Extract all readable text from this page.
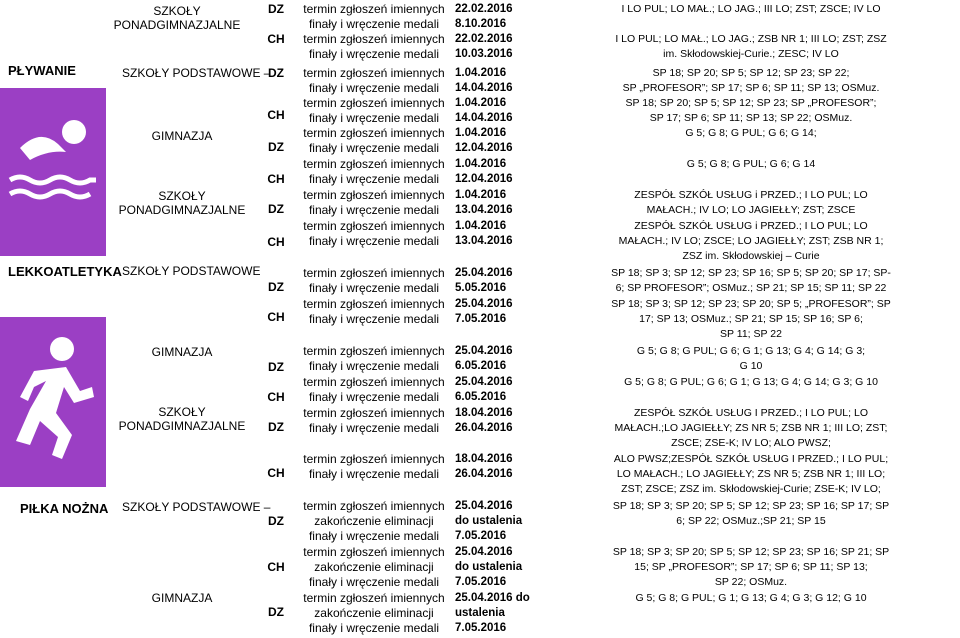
PŁYWANIE
LEKKOATLETYKA
PIŁKA NOŻNA
SZKOŁY
PONADGIMNAZJALNE
SZKOŁY PODSTAWOWE –
GIMNAZJA
SZKOŁY
PONADGIMNAZJALNE
SZKOŁY PODSTAWOWE
GIMNAZJA
SZKOŁY
PONADGIMNAZJALNE
SZKOŁY PODSTAWOWE –
GIMNAZJA
DZ termin zgłoszeń imiennych
finały i wręczenie medali
22.02.2016
8.10.2016
I LO PUL; LO MAŁ.; LO JAG.; III LO; ZST; ZSCE; IV LO
CH termin zgłoszeń imiennych
finały i wręczenie medali
22.02.2016
10.03.2016
I LO PUL; LO MAŁ.; LO JAG.; ZSB NR 1; III LO; ZST; ZSZ
im. Skłodowskiej-Curie.; ZESC; IV LO
DZ termin zgłoszeń imiennych
finały i wręczenie medali
1.04.2016
14.04.2016
SP 18; SP 20; SP 5; SP 12; SP 23; SP 22;
SP „PROFESOR”; SP 17; SP 6; SP 11; SP 13; OSMuz.
CH
termin zgłoszeń imiennych
finały i wręczenie medali
1.04.2016
14.04.2016
SP 18; SP 20; SP 5; SP 12; SP 23; SP „PROFESOR”;
SP 17; SP 6; SP 11; SP 13; SP 22; OSMuz.
DZ
termin zgłoszeń imiennych
finały i wręczenie medali
1.04.2016
12.04.2016
G 5; G 8; G PUL; G 6; G 14;
CH
termin zgłoszeń imiennych
finały i wręczenie medali
1.04.2016
12.04.2016
G 5; G 8; G PUL; G 6; G 14
DZ
termin zgłoszeń imiennych
finały i wręczenie medali
1.04.2016
13.04.2016
ZESPÓŁ SZKÓŁ USŁUG i PRZED.; I LO PUL; LO
MAŁACH.; IV LO; LO JAGIEŁŁY; ZST; ZSCE
CH
termin zgłoszeń imiennych
finały i wręczenie medali
1.04.2016
13.04.2016
ZESPÓŁ SZKÓŁ USŁUG i PRZED.; I LO PUL; LO
MAŁACH.; IV LO; ZSCE; LO JAGIEŁŁY; ZST; ZSB NR 1;
ZSZ im. Skłodowskiej – Curie
DZ
termin zgłoszeń imiennych
finały i wręczenie medali
25.04.2016
5.05.2016
SP 18; SP 3; SP 12; SP 23; SP 16; SP 5; SP 20; SP 17; SP-
6; SP PROFESOR”; OSMuz.; SP 21; SP 15; SP 11; SP 22
CH
termin zgłoszeń imiennych
finały i wręczenie medali
25.04.2016
7.05.2016
SP 18; SP 3; SP 12; SP 23; SP 20; SP 5; „PROFESOR”; SP
17; SP 13; OSMuz.; SP 21; SP 15; SP 16; SP 6;
SP 11; SP 22
DZ
termin zgłoszeń imiennych
finały i wręczenie medali
25.04.2016
6.05.2016
G 5; G 8; G PUL; G 6; G 1; G 13; G 4; G 14; G 3;
G 10
CH
termin zgłoszeń imiennych
finały i wręczenie medali
25.04.2016
6.05.2016
G 5; G 8; G PUL; G 6; G 1; G 13; G 4; G 14; G 3; G 10
DZ
termin zgłoszeń imiennych
finały i wręczenie medali
18.04.2016
26.04.2016
ZESPÓŁ SZKÓŁ USŁUG I PRZED.; I LO PUL; LO
MAŁACH.;LO JAGIEŁŁY; ZS NR 5; ZSB NR 1; III LO; ZST;
ZSCE; ZSE-K; IV LO; ALO PWSZ;
CH
termin zgłoszeń imiennych
finały i wręczenie medali
18.04.2016
26.04.2016
ALO PWSZ;ZESPÓŁ SZKÓŁ USŁUG I PRZED.; I LO PUL;
LO MAŁACH.; LO JAGIEŁŁY; ZS NR 5; ZSB NR 1; III LO;
ZST; ZSCE; ZSZ im. Skłodowskiej-Curie; ZSE-K; IV LO;
DZ
termin zgłoszeń imiennych
zakończenie eliminacji
finały i wręczenie medali
25.04.2016
do ustalenia
7.05.2016
SP 18; SP 3; SP 20; SP 5; SP 12; SP 23; SP 16; SP 17; SP
6; SP 22; OSMuz.;SP 21; SP 15
CH
termin zgłoszeń imiennych
zakończenie eliminacji
finały i wręczenie medali
25.04.2016
do ustalenia
7.05.2016
SP 18; SP 3; SP 20; SP 5; SP 12; SP 23; SP 16; SP 21; SP
15; SP „PROFESOR”; SP 17; SP 6; SP 11; SP 13;
SP 22; OSMuz.
DZ
termin zgłoszeń imiennych
zakończenie eliminacji
finały i wręczenie medali
25.04.2016 do
ustalenia
7.05.2016
G 5; G 8; G PUL; G 1; G 13; G 4; G 3; G 12; G 10
